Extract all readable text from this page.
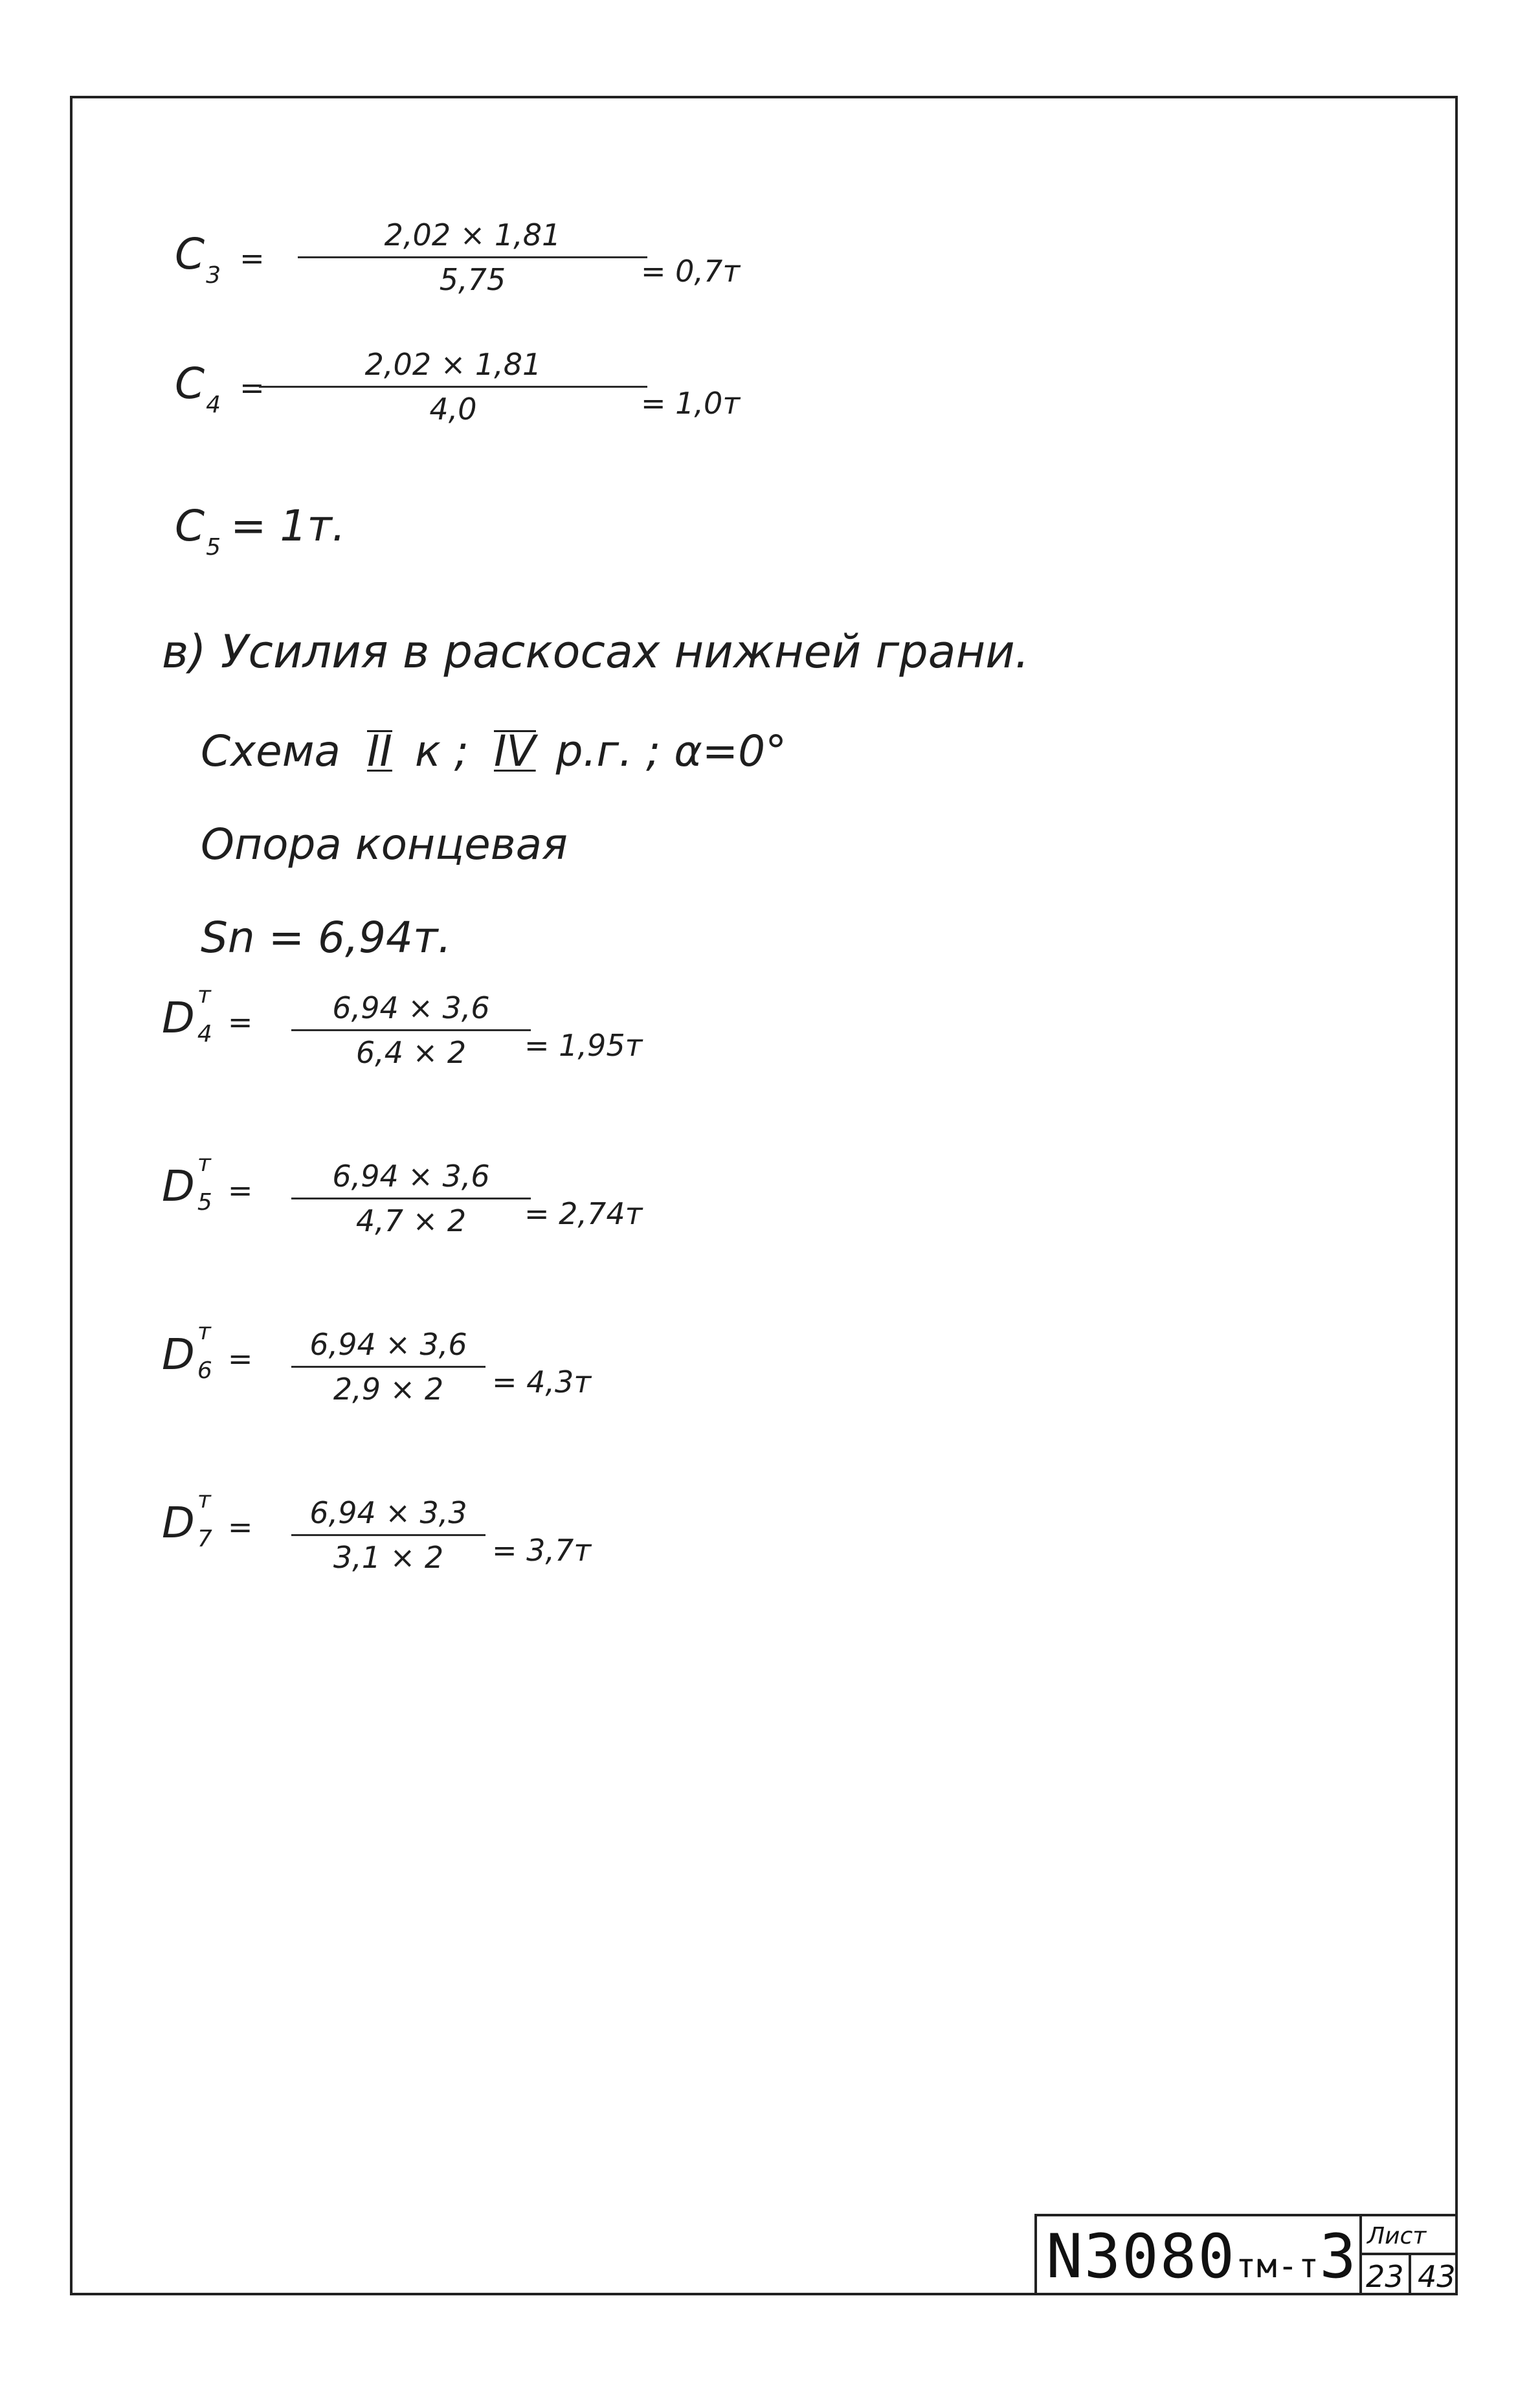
C3 =
2,02 × 1,81
5,75	= 0,7т
C4 =
2,02 × 1,81
4,0	= 1,0т
C5 = 1т.
в) Усилия в раскосах нижней грани.
Схема II к ; IV р.г. ; α=0°
Опора концевая
Sn = 6,94т.
D т
4 =	6,94 × 3,6
6,4 × 2	= 1,95т
D т
5 =	6,94 × 3,6
4,7 × 2	= 2,74т
D т
6 =	6,94 × 3,6
2,9 × 2	= 4,3т
D т
7 =	6,94 × 3,3
3,1 × 2	= 3,7т
N3080тм-т3 Лист
23 43
